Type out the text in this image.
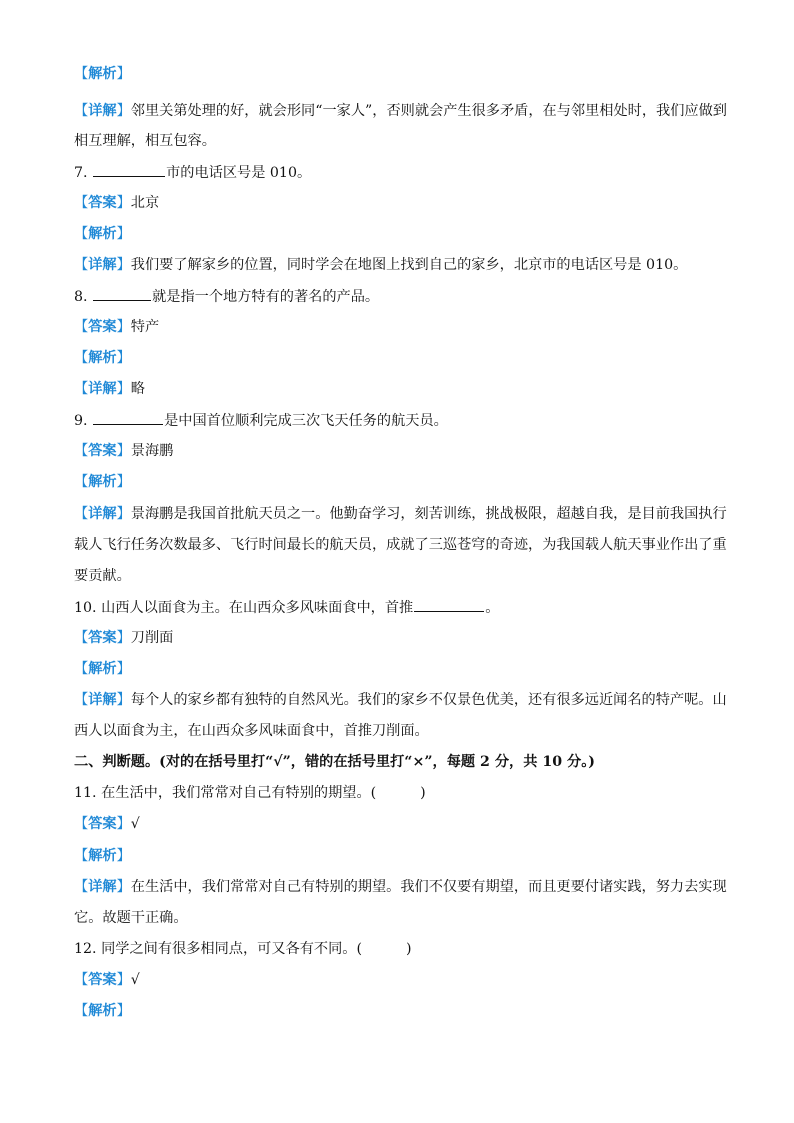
【解析】
【详解】邻里关第处理的好，就会形同“一家人”，否则就会产生很多矛盾，在与邻里相处时，我们应做到
相互理解，相互包容。
7.	市的电话区号是 010。
【答案】北京
【解析】
【详解】我们要了解家乡的位置，同时学会在地图上找到自己的家乡，北京市的电话区号是 010。
8.	就是指一个地方特有的著名的产品。
【答案】特产
【解析】
【详解】略
9.	是中国首位顺利完成三次飞天任务的航天员。
【答案】景海鹏
【解析】
【详解】景海鹏是我国首批航天员之一。他勤奋学习，刻苦训练，挑战极限，超越自我，是目前我国执行
载人飞行任务次数最多、飞行时间最长的航天员，成就了三巡苍穹的奇迹，为我国载人航天事业作出了重
要贡献。
10. 山西人以面食为主。在山西众多风味面食中，首推	。
【答案】刀削面
【解析】
【详解】每个人的家乡都有独特的自然风光。我们的家乡不仅景色优美，还有很多远近闻名的特产呢。山
西人以面食为主，在山西众多风味面食中，首推刀削面。
二、判断题。(对的在括号里打“√”，错的在括号里打“×”，每题 2 分，共 10 分。)
11. 在生活中，我们常常对自己有特别的期望。(	)
【答案】√
【解析】
【详解】在生活中，我们常常对自己有特别的期望。我们不仅要有期望，而且更要付诸实践，努力去实现
它。故题干正确。
12. 同学之间有很多相同点，可又各有不同。(	)
【答案】√
【解析】
